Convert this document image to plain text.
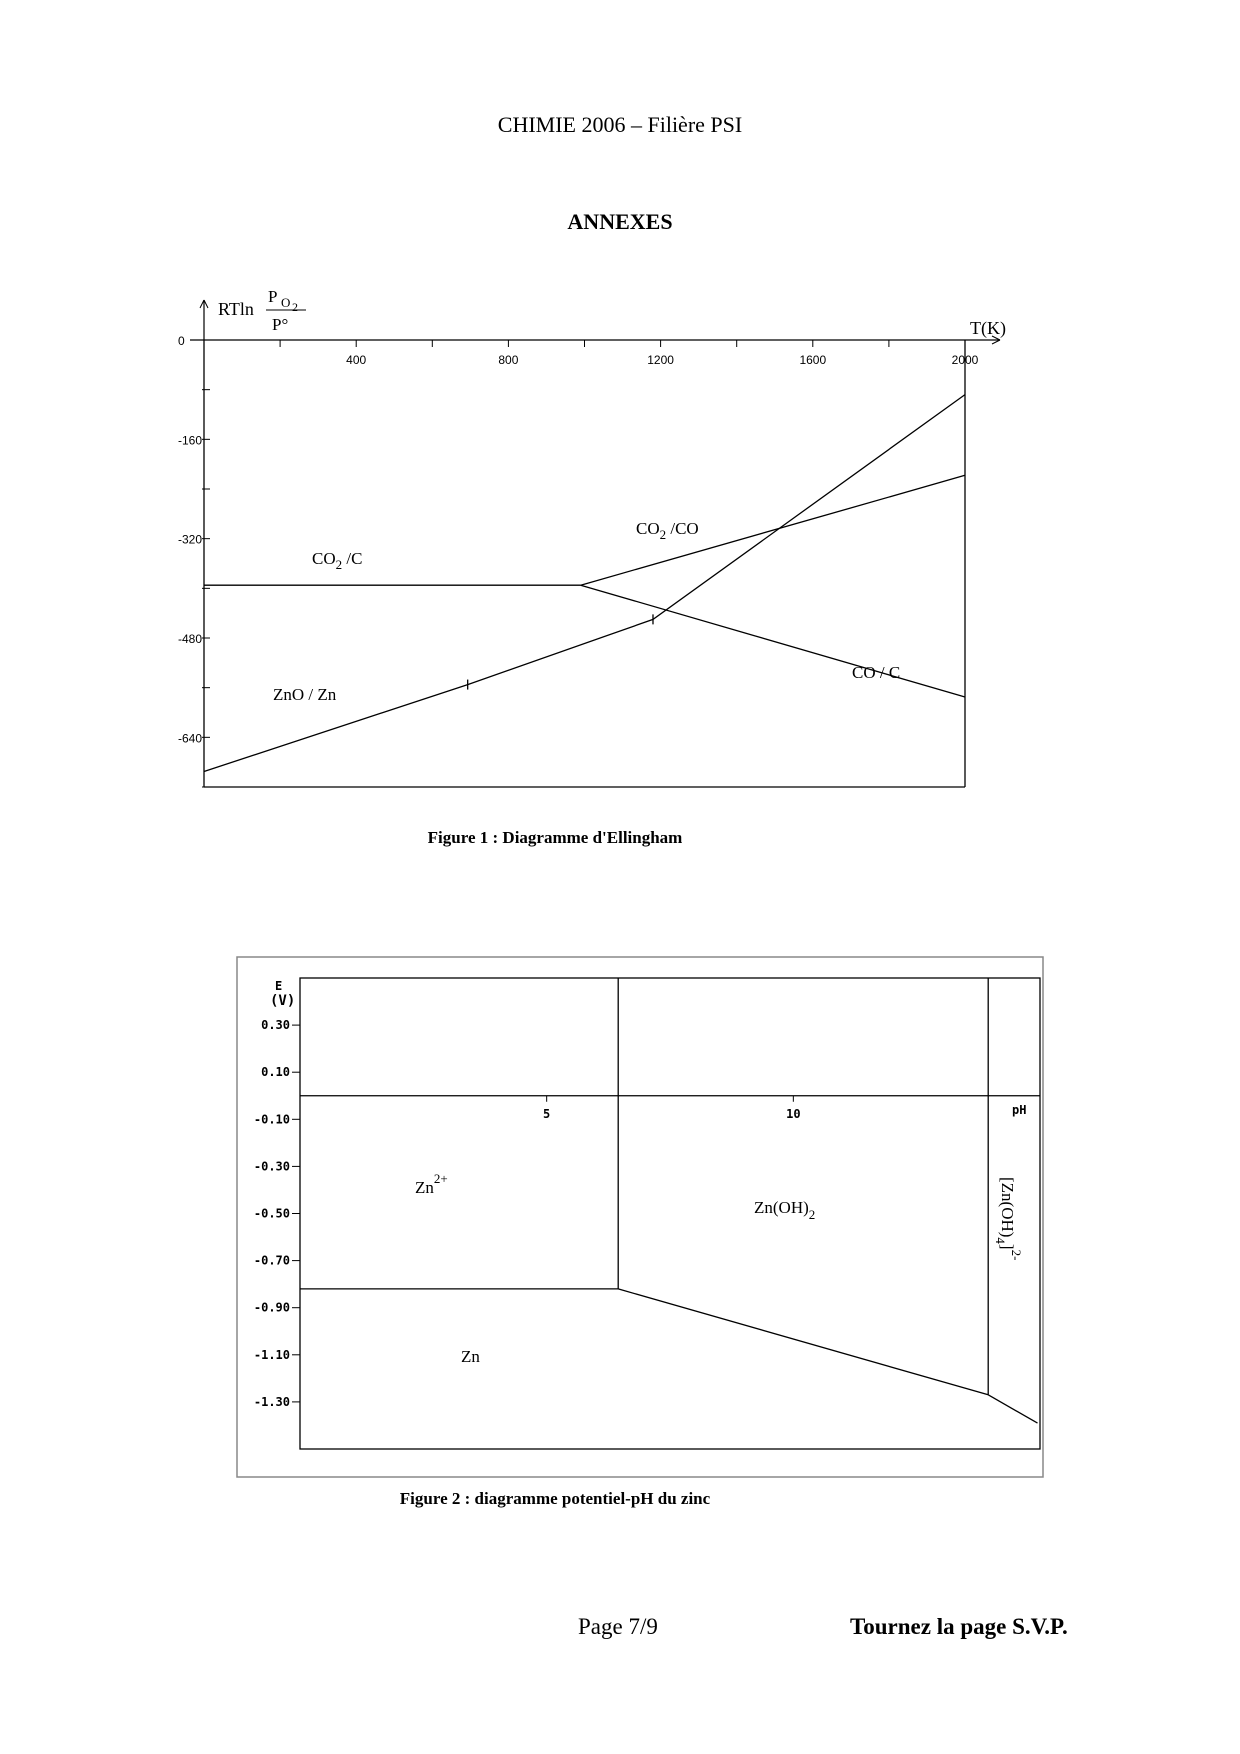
CHIMIE 2006 – Filière PSI
ANNEXES
RTln
P O 2
P°	T(K)
$CO_2$ /C
$CO_2$ /CO
CO / C
ZnO / Zn
400	800	1200	1600	2000
0
-160
-320
-480
-640
E
(V)
pH
$Zn^{2+}$
$Zn(OH)_2$
Zn
$[Zn(OH)_4]^{2-}$
5	10
0.30
0.10
-0.10
-0.30
-0.50
-0.70
-0.90
-1.10
-1.30
Figure 1 : Diagramme d'Ellingham
Figure 2 : diagramme potentiel-pH du zinc
Page 7/9	Tournez la page S.V.P.
